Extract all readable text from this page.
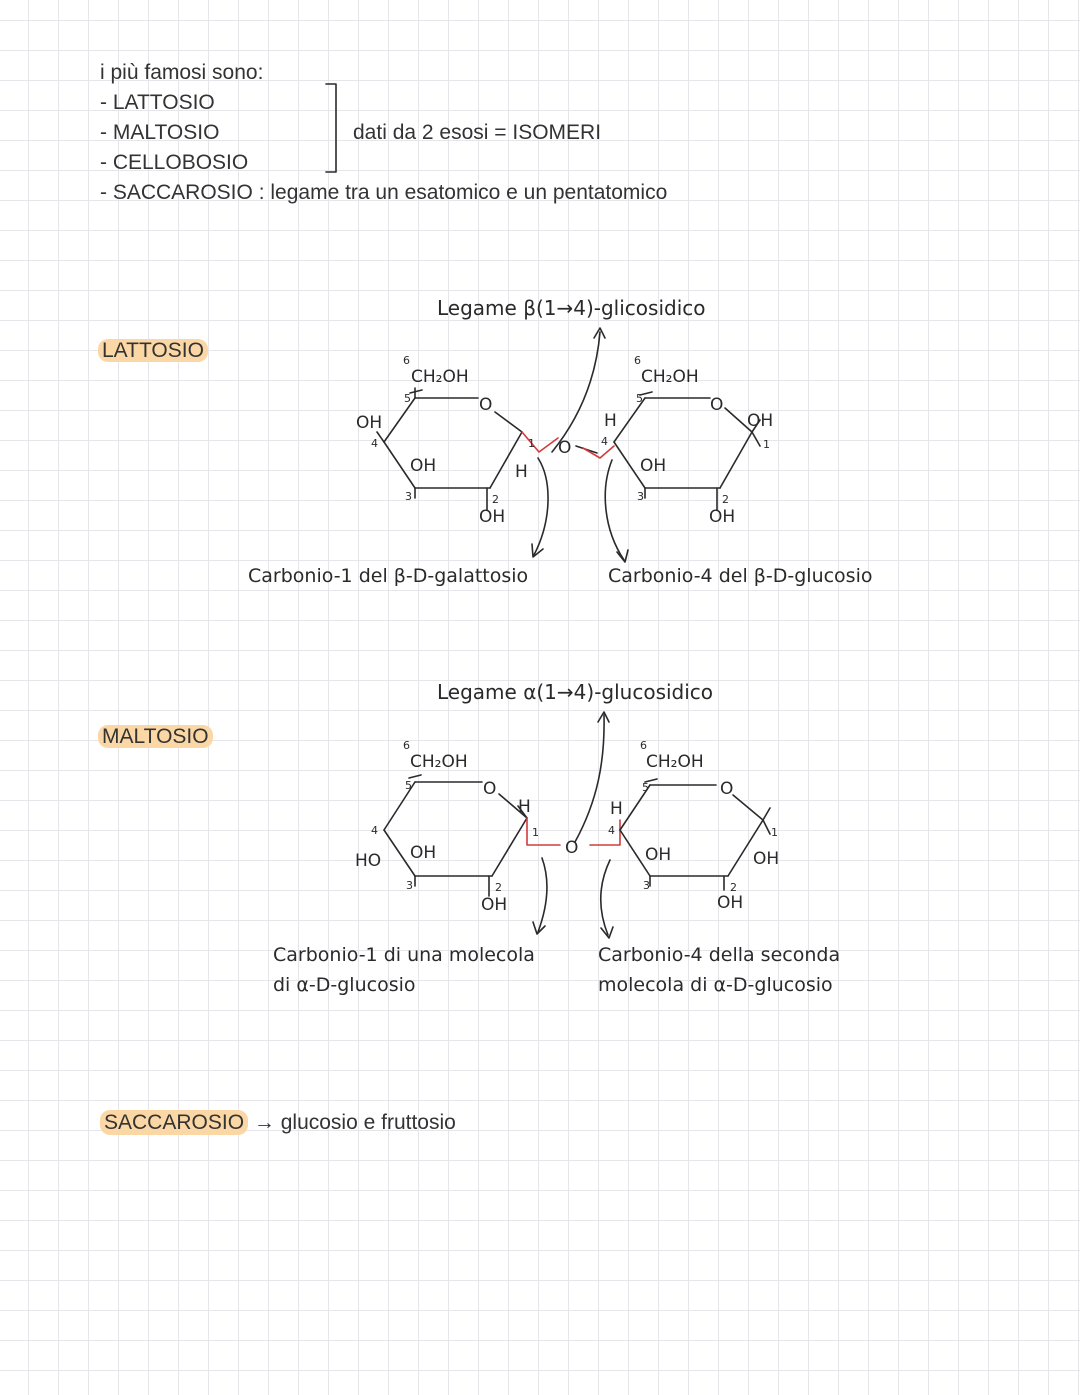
i più famosi sono:
- LATTOSIO
- MALTOSIO
- CELLOBOSIO
dati da 2 esosi = ISOMERI
- SACCAROSIO : legame tra un esatomico e un pentatomico
LATTOSIO
MALTOSIO
SACCAROSIO → glucosio e fruttosio
Legame β(1→4)-glicosidico
Carbonio-1 del β-D-galattosio	Carbonio-4 del β-D-glucosio
Legame α(1→4)-glucosidico
Carbonio-1 di una molecola
di α-D-glucosio
Carbonio-4 della seconda
molecola di α-D-glucosio
6
CH₂OH
5	O
OH
4
OH
3	2
OH
1
H
O
H
4
6
CH₂OH
5	O
OH
1
OH
3	2
OH
6
CH₂OH
5	O
H
1
4
HO OH
3	2
OH
O
H
4
6
CH₂OH
5	O
1
OH
OH
3	2
OH
